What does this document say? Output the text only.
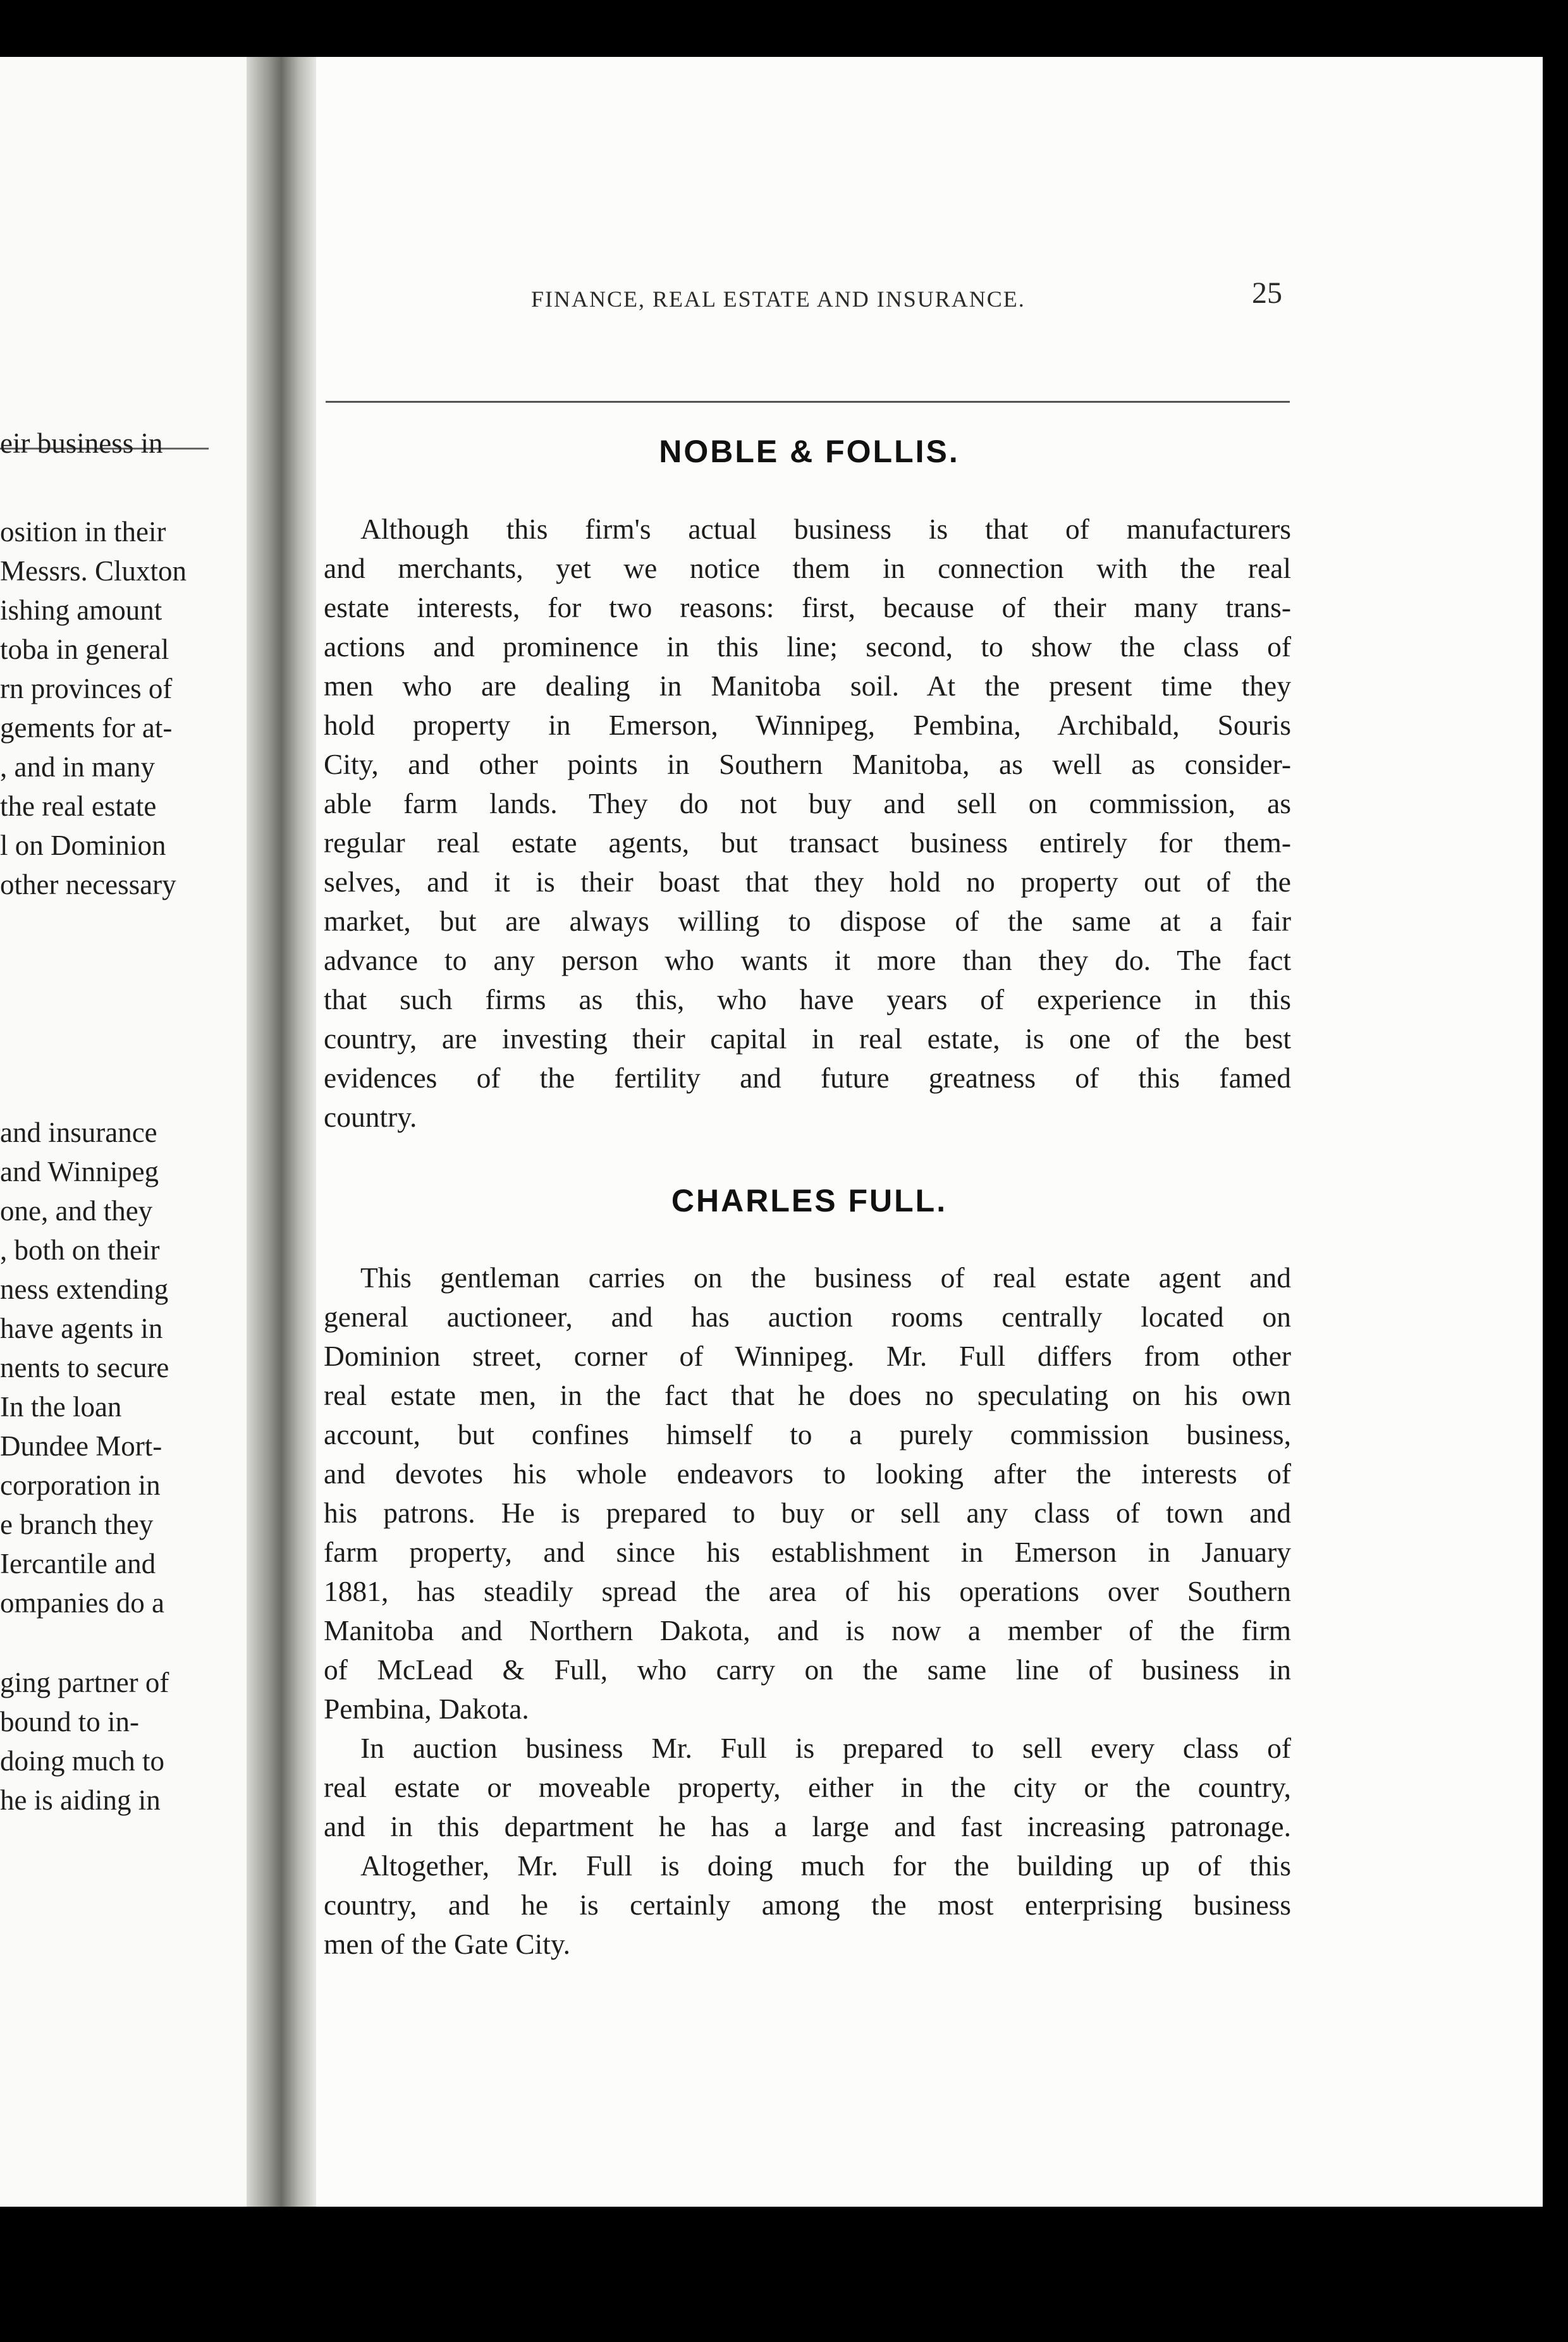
eir business in
osition in their
Messrs. Cluxton
ishing amount
toba in general
rn provinces of
gements for at-
, and in many
the real estate
l on Dominion
other necessary
and insurance
and Winnipeg
one, and they
, both on their
ness extending
have agents in
nents to secure
In the loan
Dundee Mort-
corporation in
e branch they
Iercantile and
ompanies do a
ging partner of
bound to in-
doing much to
he is aiding in
FINANCE, REAL ESTATE AND INSURANCE.	25
NOBLE & FOLLIS.
Although this firm's actual business is that of manufacturers
and merchants, yet we notice them in connection with the real
estate interests, for two reasons: first, because of their many trans-
actions and prominence in this line; second, to show the class of
men who are dealing in Manitoba soil. At the present time they
hold property in Emerson, Winnipeg, Pembina, Archibald, Souris
City, and other points in Southern Manitoba, as well as consider-
able farm lands. They do not buy and sell on commission, as
regular real estate agents, but transact business entirely for them-
selves, and it is their boast that they hold no property out of the
market, but are always willing to dispose of the same at a fair
advance to any person who wants it more than they do. The fact
that such firms as this, who have years of experience in this
country, are investing their capital in real estate, is one of the best
evidences of the fertility and future greatness of this famed
country.
CHARLES FULL.
This gentleman carries on the business of real estate agent and
general auctioneer, and has auction rooms centrally located on
Dominion street, corner of Winnipeg. Mr. Full differs from other
real estate men, in the fact that he does no speculating on his own
account, but confines himself to a purely commission business,
and devotes his whole endeavors to looking after the interests of
his patrons. He is prepared to buy or sell any class of town and
farm property, and since his establishment in Emerson in January
1881, has steadily spread the area of his operations over Southern
Manitoba and Northern Dakota, and is now a member of the firm
of McLead & Full, who carry on the same line of business in
Pembina, Dakota.
In auction business Mr. Full is prepared to sell every class of
real estate or moveable property, either in the city or the country,
and in this department he has a large and fast increasing patronage.
Altogether, Mr. Full is doing much for the building up of this
country, and he is certainly among the most enterprising business
men of the Gate City.
